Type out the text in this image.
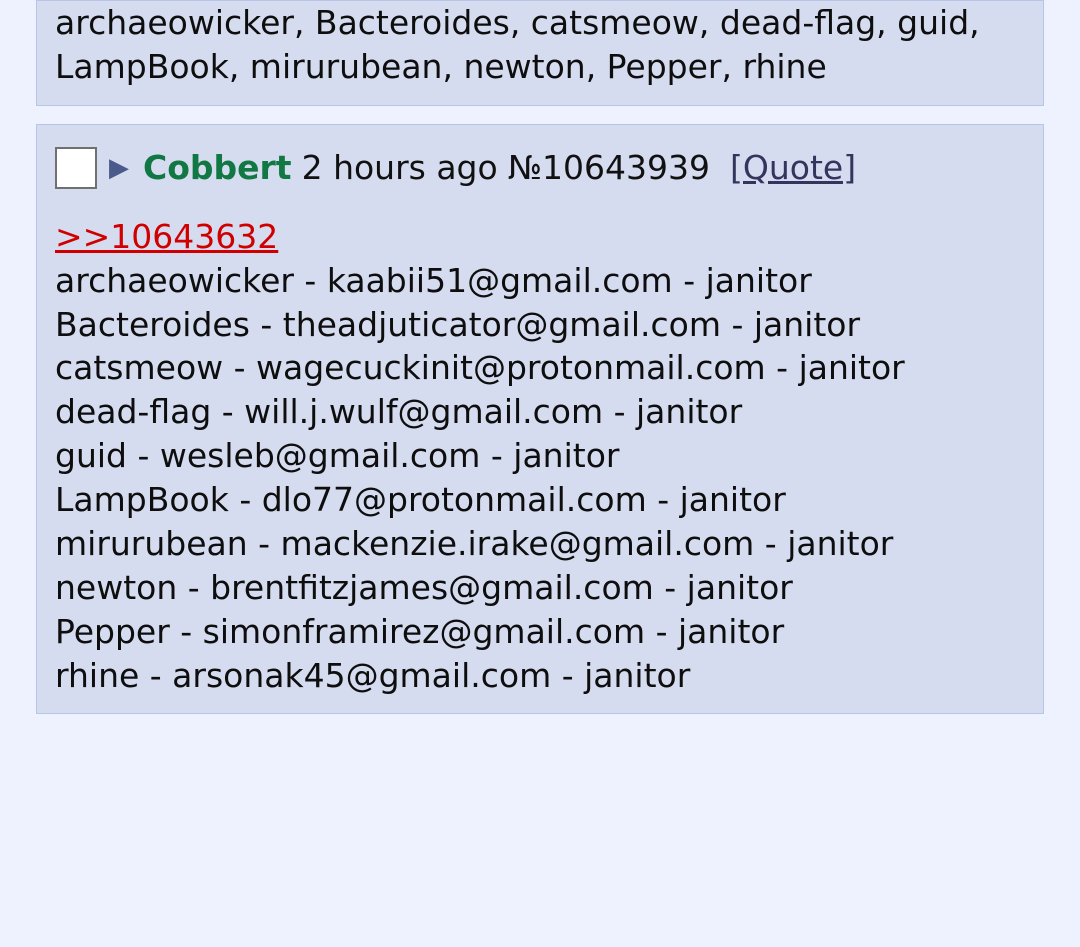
archaeowicker, Bacteroides, catsmeow, dead-flag, guid, LampBook, mirurubean, newton, Pepper, rhine
▶ Cobbert 2 hours ago №10643939 [Quote]
>>10643632
archaeowicker - kaabii51@gmail.com - janitor
Bacteroides - theadjuticator@gmail.com - janitor
catsmeow - wagecuckinit@protonmail.com - janitor
dead-flag - will.j.wulf@gmail.com - janitor
guid - wesleb@gmail.com - janitor
LampBook - dlo77@protonmail.com - janitor
mirurubean - mackenzie.irake@gmail.com - janitor
newton - brentfitzjames@gmail.com - janitor
Pepper - simonframirez@gmail.com - janitor
rhine - arsonak45@gmail.com - janitor
